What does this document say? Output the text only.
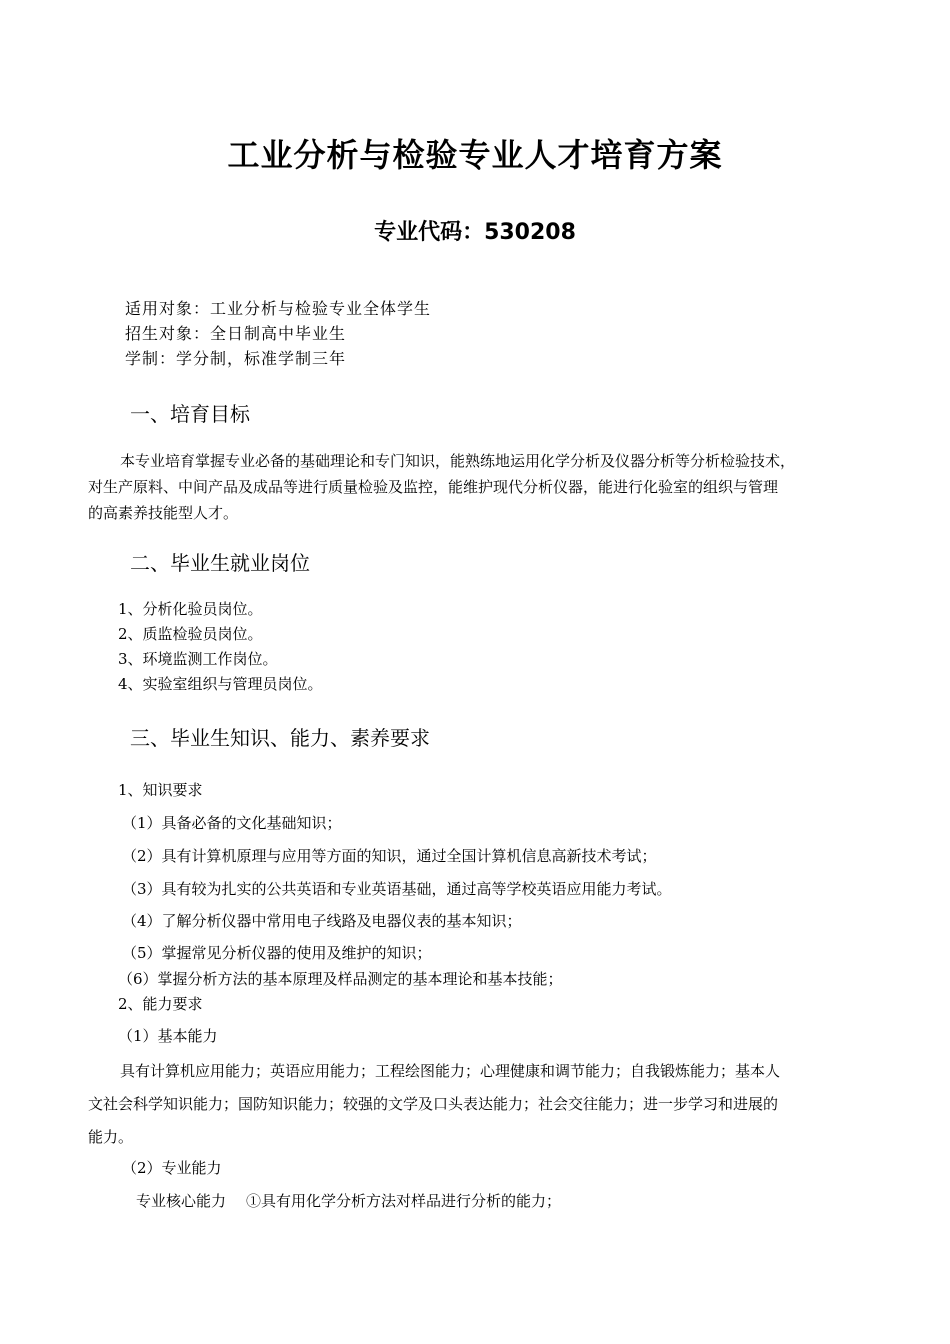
工业分析与检验专业人才培育方案
专业代码：530208
适用对象：工业分析与检验专业全体学生
招生对象：全日制高中毕业生
学制：学分制，标准学制三年
一、培育目标
本专业培育掌握专业必备的基础理论和专门知识，能熟练地运用化学分析及仪器分析等分析检验技术，
对生产原料、中间产品及成品等进行质量检验及监控，能维护现代分析仪器，能进行化验室的组织与管理
的高素养技能型人才。
二、毕业生就业岗位
1、分析化验员岗位。
2、质监检验员岗位。
3、环境监测工作岗位。
4、实验室组织与管理员岗位。
三、毕业生知识、能力、素养要求
1、知识要求
（1）具备必备的文化基础知识；
（2）具有计算机原理与应用等方面的知识，通过全国计算机信息高新技术考试；
（3）具有较为扎实的公共英语和专业英语基础，通过高等学校英语应用能力考试。
（4）了解分析仪器中常用电子线路及电器仪表的基本知识；
（5）掌握常见分析仪器的使用及维护的知识；
（6）掌握分析方法的基本原理及样品测定的基本理论和基本技能；
2、能力要求
（1）基本能力
具有计算机应用能力；英语应用能力；工程绘图能力；心理健康和调节能力；自我锻炼能力；基本人
文社会科学知识能力；国防知识能力；较强的文学及口头表达能力；社会交往能力；进一步学习和进展的
能力。
（2）专业能力
专业核心能力 ①具有用化学分析方法对样品进行分析的能力；
